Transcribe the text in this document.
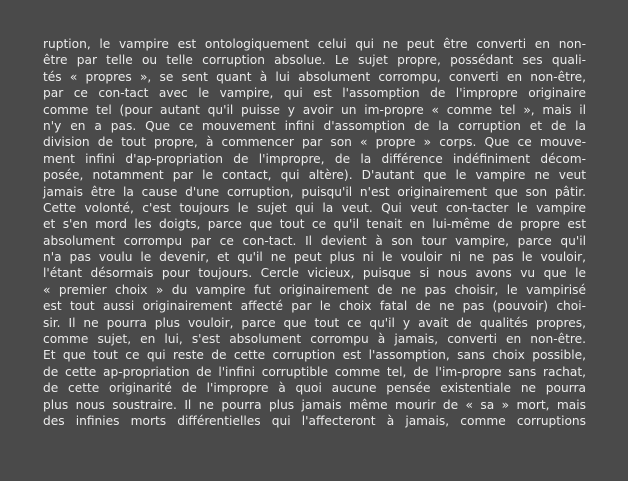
ruption, le vampire est ontologiquement celui qui ne peut être converti en non-
être par telle ou telle corruption absolue. Le sujet propre, possédant ses quali-
tés « propres », se sent quant à lui absolument corrompu, converti en non-être,
par ce con-tact avec le vampire, qui est l'assomption de l'impropre originaire
comme tel (pour autant qu'il puisse y avoir un im-propre « comme tel », mais il
n'y en a pas. Que ce mouvement infini d'assomption de la corruption et de la
division de tout propre, à commencer par son « propre » corps. Que ce mouve-
ment infini d'ap-propriation de l'impropre, de la différence indéfiniment décom-
posée, notamment par le contact, qui altère). D'autant que le vampire ne veut
jamais être la cause d'une corruption, puisqu'il n'est originairement que son pâtir.
Cette volonté, c'est toujours le sujet qui la veut. Qui veut con-tacter le vampire
et s'en mord les doigts, parce que tout ce qu'il tenait en lui-même de propre est
absolument corrompu par ce con-tact. Il devient à son tour vampire, parce qu'il
n'a pas voulu le devenir, et qu'il ne peut plus ni le vouloir ni ne pas le vouloir,
l'étant désormais pour toujours. Cercle vicieux, puisque si nous avons vu que le
« premier choix » du vampire fut originairement de ne pas choisir, le vampirisé
est tout aussi originairement affecté par le choix fatal de ne pas (pouvoir) choi-
sir. Il ne pourra plus vouloir, parce que tout ce qu'il y avait de qualités propres,
comme sujet, en lui, s'est absolument corrompu à jamais, converti en non-être.
Et que tout ce qui reste de cette corruption est l'assomption, sans choix possible,
de cette ap-propriation de l'infini corruptible comme tel, de l'im-propre sans rachat,
de cette originarité de l'impropre à quoi aucune pensée existentiale ne pourra
plus nous soustraire. Il ne pourra plus jamais même mourir de « sa » mort, mais
des infinies morts différentielles qui l'affecteront à jamais, comme corruptions
